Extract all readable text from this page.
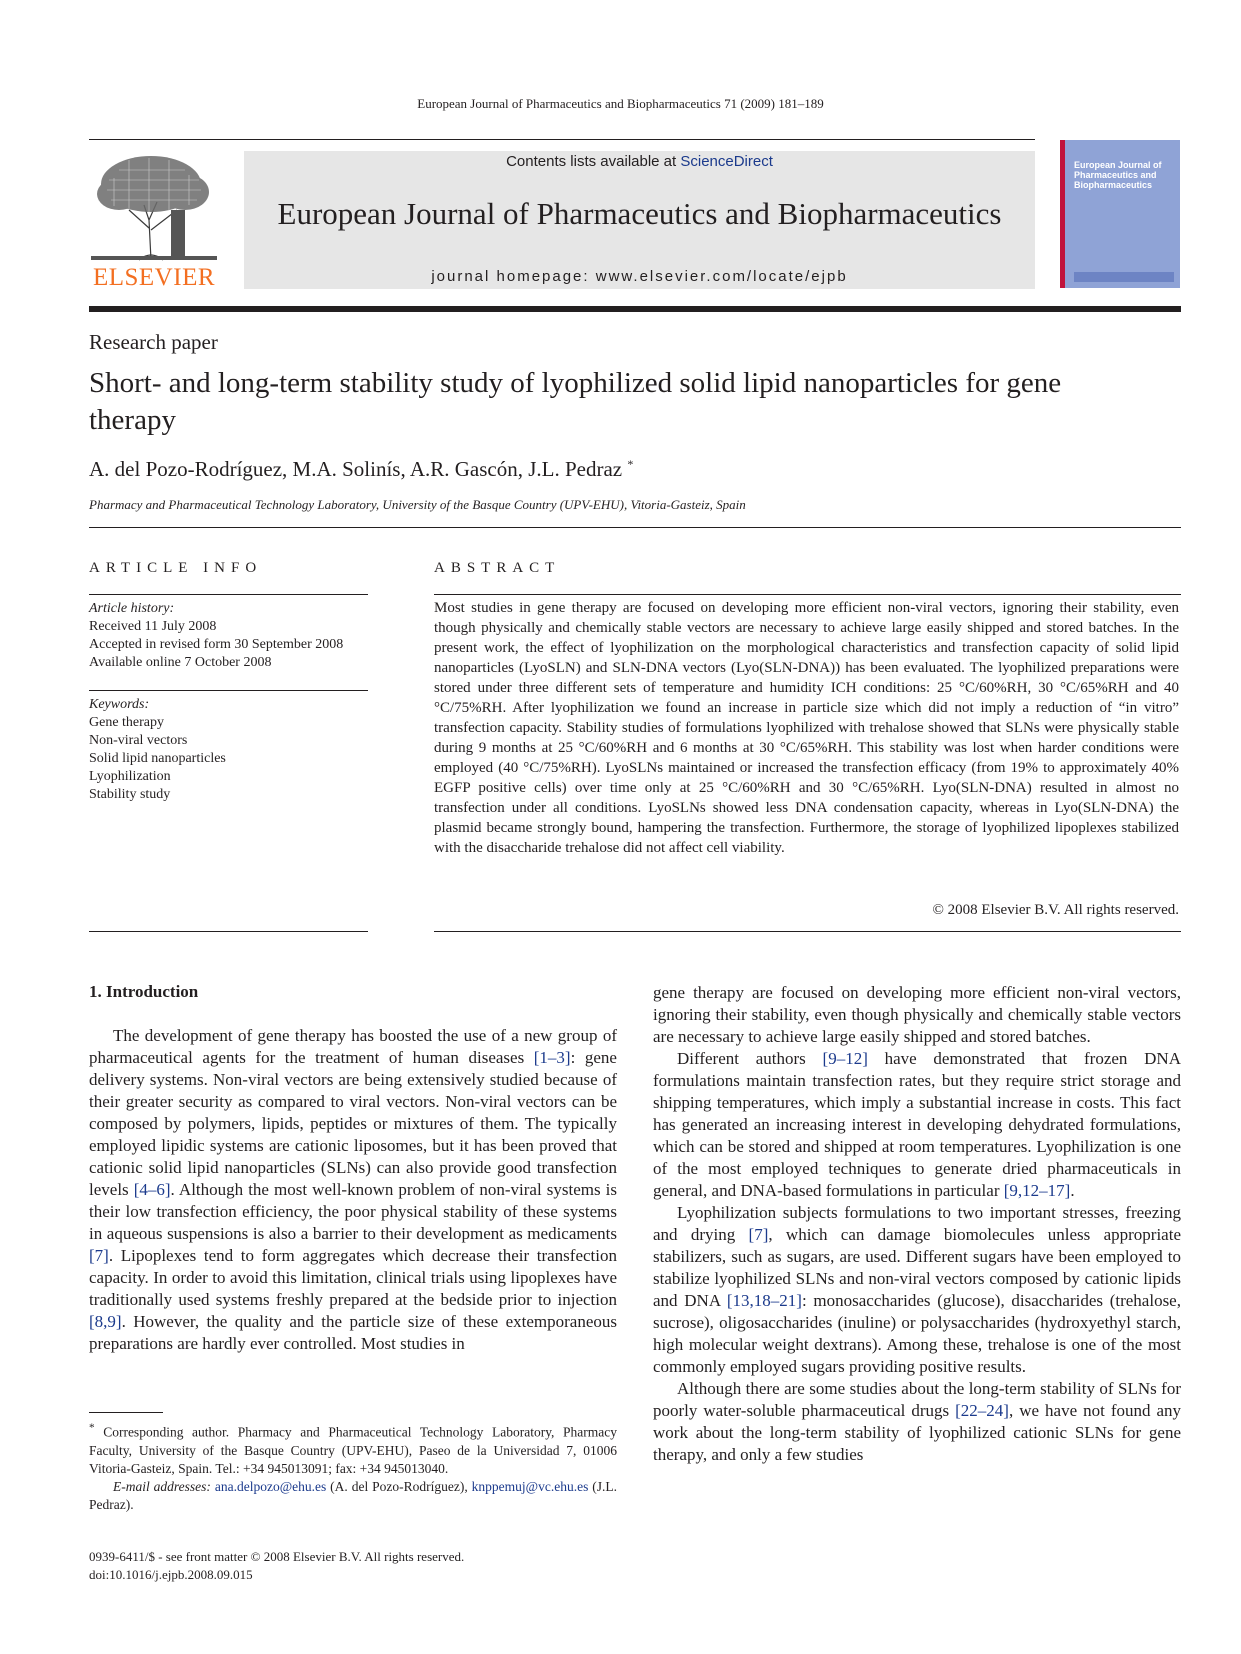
European Journal of Pharmaceutics and Biopharmaceutics 71 (2009) 181–189
ELSEVIER
Contents lists available at ScienceDirect
European Journal of Pharmaceutics and Biopharmaceutics
journal homepage: www.elsevier.com/locate/ejpb
European Journal of Pharmaceutics and Biopharmaceutics
Research paper
Short- and long-term stability study of lyophilized solid lipid nanoparticles for gene therapy
A. del Pozo-Rodríguez, M.A. Solinís, A.R. Gascón, J.L. Pedraz *
Pharmacy and Pharmaceutical Technology Laboratory, University of the Basque Country (UPV-EHU), Vitoria-Gasteiz, Spain
ARTICLE INFO
Article history:
Received 11 July 2008
Accepted in revised form 30 September 2008
Available online 7 October 2008
Keywords:
Gene therapy
Non-viral vectors
Solid lipid nanoparticles
Lyophilization
Stability study
ABSTRACT
Most studies in gene therapy are focused on developing more efficient non-viral vectors, ignoring their stability, even though physically and chemically stable vectors are necessary to achieve large easily shipped and stored batches. In the present work, the effect of lyophilization on the morphological characteristics and transfection capacity of solid lipid nanoparticles (LyoSLN) and SLN-DNA vectors (Lyo(SLN-DNA)) has been evaluated. The lyophilized preparations were stored under three different sets of temperature and humidity ICH conditions: 25 °C/60%RH, 30 °C/65%RH and 40 °C/75%RH. After lyophilization we found an increase in particle size which did not imply a reduction of “in vitro” transfection capacity. Stability studies of formulations lyophilized with trehalose showed that SLNs were physically stable during 9 months at 25 °C/60%RH and 6 months at 30 °C/65%RH. This stability was lost when harder conditions were employed (40 °C/75%RH). LyoSLNs maintained or increased the transfection efficacy (from 19% to approximately 40% EGFP positive cells) over time only at 25 °C/60%RH and 30 °C/65%RH. Lyo(SLN-DNA) resulted in almost no transfection under all conditions. LyoSLNs showed less DNA condensation capacity, whereas in Lyo(SLN-DNA) the plasmid became strongly bound, hampering the transfection. Furthermore, the storage of lyophilized lipoplexes stabilized with the disaccharide trehalose did not affect cell viability.
© 2008 Elsevier B.V. All rights reserved.
1. Introduction

The development of gene therapy has boosted the use of a new group of pharmaceutical agents for the treatment of human diseases [1–3]: gene delivery systems. Non-viral vectors are being extensively studied because of their greater security as compared to viral vectors. Non-viral vectors can be composed by polymers, lipids, peptides or mixtures of them. The typically employed lipidic systems are cationic liposomes, but it has been proved that cationic solid lipid nanoparticles (SLNs) can also provide good transfection levels [4–6]. Although the most well-known problem of non-viral systems is their low transfection efficiency, the poor physical stability of these systems in aqueous suspensions is also a barrier to their development as medicaments [7]. Lipoplexes tend to form aggregates which decrease their transfection capacity. In order to avoid this limitation, clinical trials using lipoplexes have traditionally used systems freshly prepared at the bedside prior to injection [8,9]. However, the quality and the particle size of these extemporaneous preparations are hardly ever controlled. Most studies in

gene therapy are focused on developing more efficient non-viral vectors, ignoring their stability, even though physically and chemically stable vectors are necessary to achieve large easily shipped and stored batches.

Different authors [9–12] have demonstrated that frozen DNA formulations maintain transfection rates, but they require strict storage and shipping temperatures, which imply a substantial increase in costs. This fact has generated an increasing interest in developing dehydrated formulations, which can be stored and shipped at room temperatures. Lyophilization is one of the most employed techniques to generate dried pharmaceuticals in general, and DNA-based formulations in particular [9,12–17].

Lyophilization subjects formulations to two important stresses, freezing and drying [7], which can damage biomolecules unless appropriate stabilizers, such as sugars, are used. Different sugars have been employed to stabilize lyophilized SLNs and non-viral vectors composed by cationic lipids and DNA [13,18–21]: monosaccharides (glucose), disaccharides (trehalose, sucrose), oligosaccharides (inuline) or polysaccharides (hydroxyethyl starch, high molecular weight dextrans). Among these, trehalose is one of the most commonly employed sugars providing positive results.

Although there are some studies about the long-term stability of SLNs for poorly water-soluble pharmaceutical drugs [22–24], we have not found any work about the long-term stability of lyophilized cationic SLNs for gene therapy, and only a few studies

* Corresponding author. Pharmacy and Pharmaceutical Technology Laboratory, Pharmacy Faculty, University of the Basque Country (UPV-EHU), Paseo de la Universidad 7, 01006 Vitoria-Gasteiz, Spain. Tel.: +34 945013091; fax: +34 945013040.

E-mail addresses: ana.delpozo@ehu.es (A. del Pozo-Rodríguez), knppemuj@vc.ehu.es (J.L. Pedraz).

0939-6411/$ - see front matter © 2008 Elsevier B.V. All rights reserved.
doi:10.1016/j.ejpb.2008.09.015
